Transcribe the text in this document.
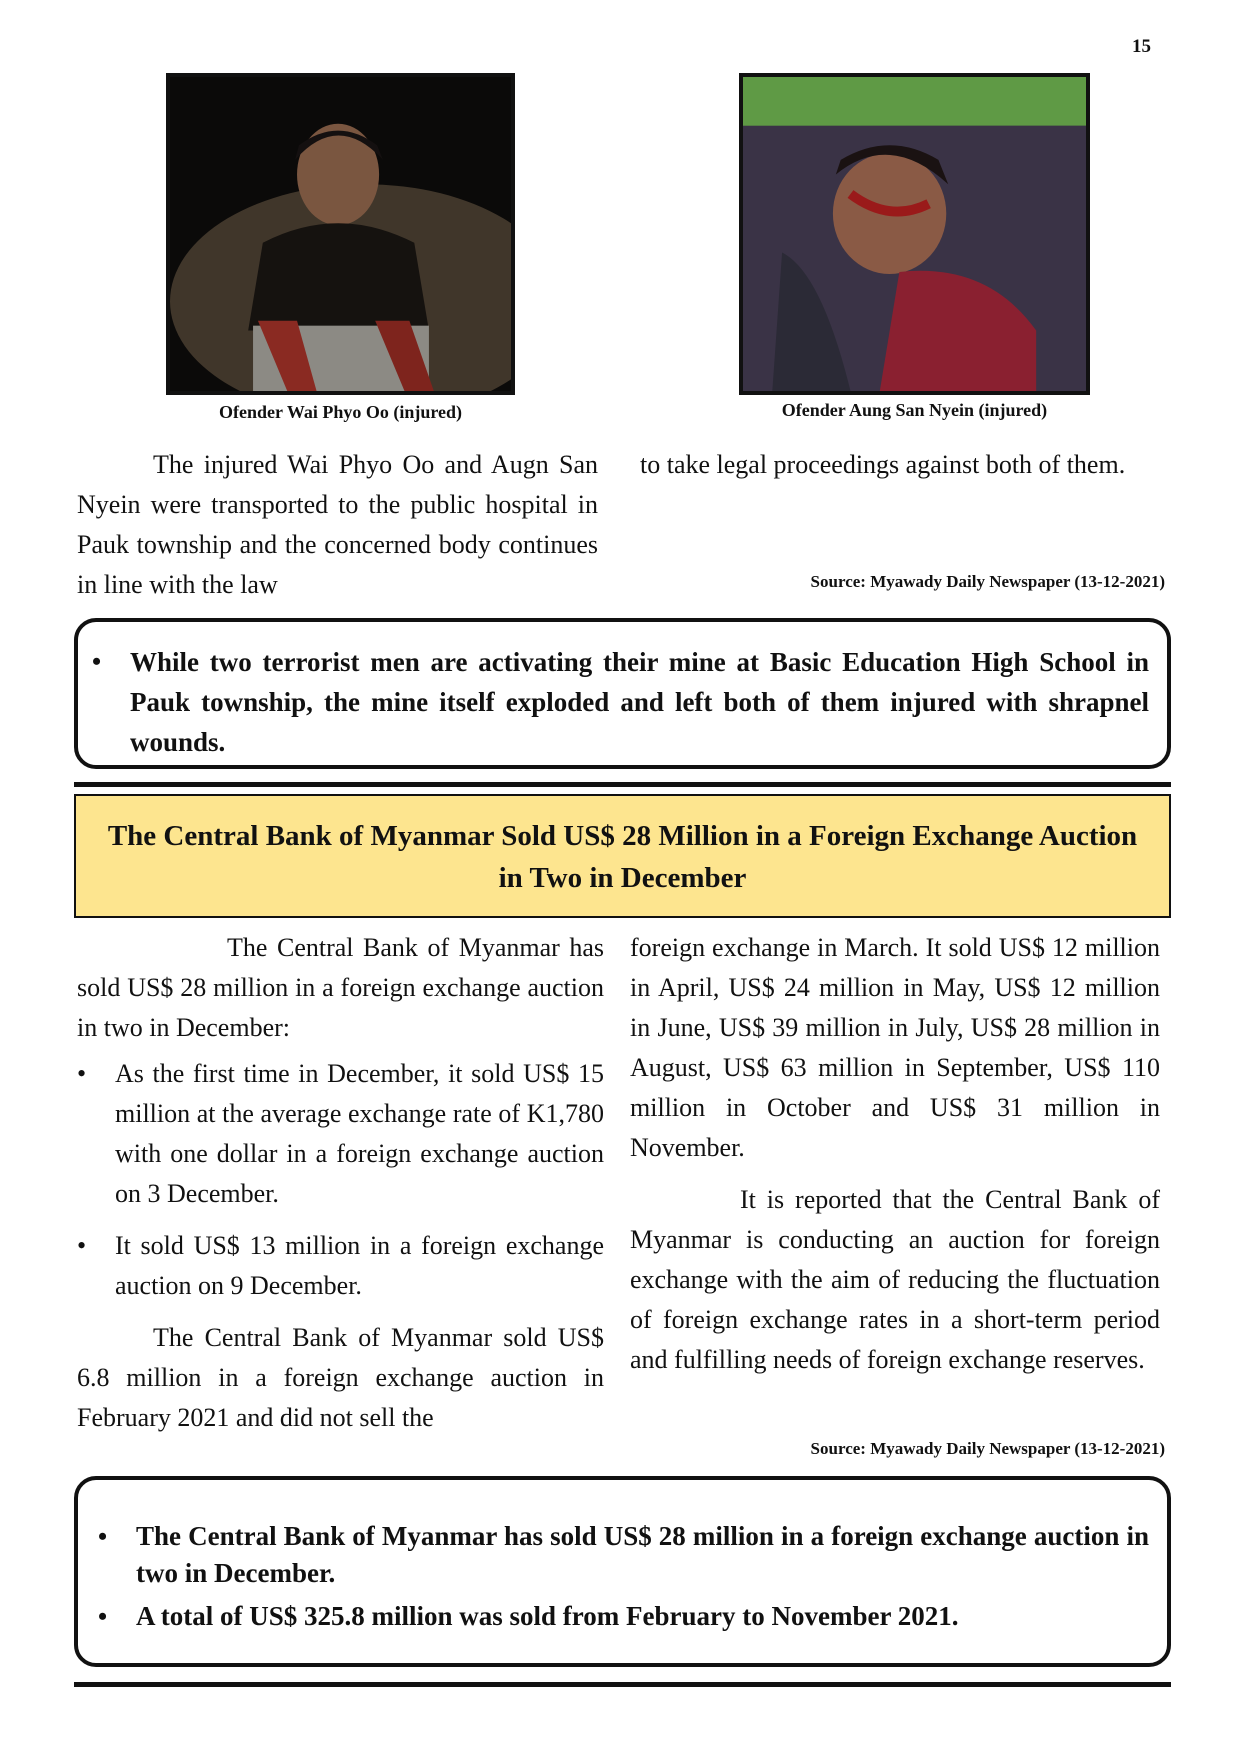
15
Ofender Wai Phyo Oo (injured)	Ofender Aung San Nyein (injured)

The injured Wai Phyo Oo and Augn San Nyein were transported to the public hospital in Pauk township and the concerned body continues in line with the law

to take legal proceedings against both of them.

Source: Myawady Daily Newspaper (13-12-2021)
• While two terrorist men are activating their mine at Basic Education High School in Pauk township, the mine itself exploded and left both of them injured with shrapnel wounds.
The Central Bank of Myanmar Sold US$ 28 Million in a Foreign Exchange Auction in Two in December

The Central Bank of Myanmar has sold US$ 28 million in a foreign exchange auction in two in December:

• As the first time in December, it sold US$ 15 million at the average exchange rate of K1,780 with one dollar in a foreign exchange auction on 3 December.
• It sold US$ 13 million in a foreign exchange auction on 9 December.

The Central Bank of Myanmar sold US$ 6.8 million in a foreign exchange auction in February 2021 and did not sell the

foreign exchange in March. It sold US$ 12 million in April, US$ 24 million in May, US$ 12 million in June, US$ 39 million in July, US$ 28 million in August, US$ 63 million in September, US$ 110 million in October and US$ 31 million in November.

It is reported that the Central Bank of Myanmar is conducting an auction for foreign exchange with the aim of reducing the fluctuation of foreign exchange rates in a short-term period and fulfilling needs of foreign exchange reserves.

Source: Myawady Daily Newspaper (13-12-2021)
• The Central Bank of Myanmar has sold US$ 28 million in a foreign exchange auction in two in December.
• A total of US$ 325.8 million was sold from February to November 2021.
